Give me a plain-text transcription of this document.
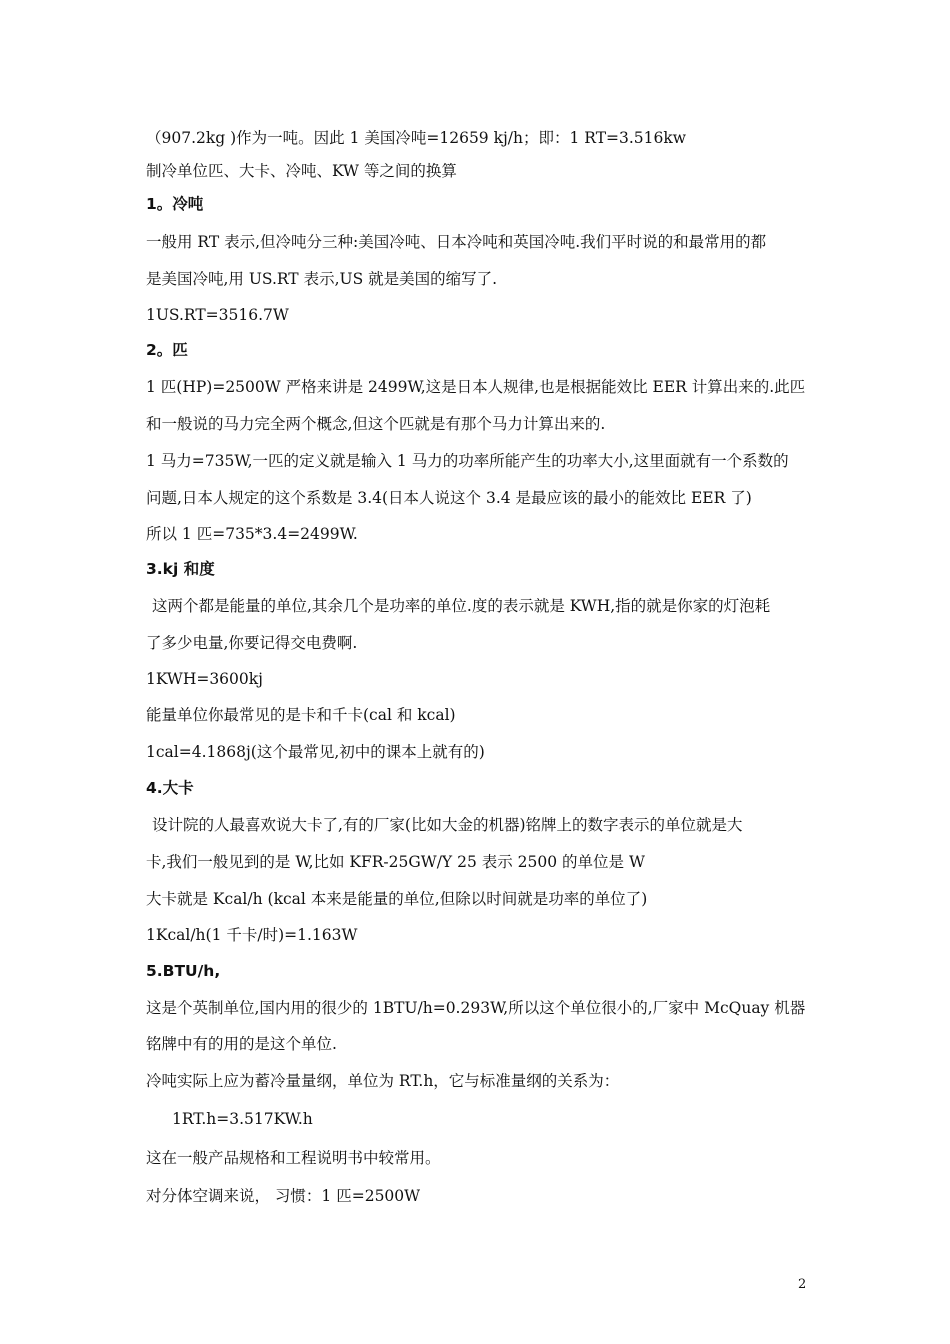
（907.2kg )作为一吨。因此 1 美国冷吨=12659 kj/h；即：1 RT=3.516kw
制冷单位匹、大卡、冷吨、KW 等之间的换算
1。冷吨
一般用 RT 表示,但冷吨分三种:美国冷吨、日本冷吨和英国冷吨.我们平时说的和最常用的都
是美国冷吨,用 US.RT 表示,US 就是美国的缩写了.
1US.RT=3516.7W
2。匹
1 匹(HP)=2500W 严格来讲是 2499W,这是日本人规律,也是根据能效比 EER 计算出来的.此匹
和一般说的马力完全两个概念,但这个匹就是有那个马力计算出来的.
1 马力=735W,一匹的定义就是输入 1 马力的功率所能产生的功率大小,这里面就有一个系数的
问题,日本人规定的这个系数是 3.4(日本人说这个 3.4 是最应该的最小的能效比 EER 了)
所以 1 匹=735*3.4=2499W.
3.kj 和度
这两个都是能量的单位,其余几个是功率的单位.度的表示就是 KWH,指的就是你家的灯泡耗
了多少电量,你要记得交电费啊.
1KWH=3600kj
能量单位你最常见的是卡和千卡(cal 和 kcal)
1cal=4.1868j(这个最常见,初中的课本上就有的)
4.大卡
设计院的人最喜欢说大卡了,有的厂家(比如大金的机器)铭牌上的数字表示的单位就是大
卡,我们一般见到的是 W,比如 KFR-25GW/Y 25 表示 2500 的单位是 W
大卡就是 Kcal/h (kcal 本来是能量的单位,但除以时间就是功率的单位了)
1Kcal/h(1 千卡/时)=1.163W
5.BTU/h,
这是个英制单位,国内用的很少的 1BTU/h=0.293W,所以这个单位很小的,厂家中 McQuay 机器
铭牌中有的用的是这个单位.
冷吨实际上应为蓄冷量量纲，单位为 RT.h，它与标准量纲的关系为：
1RT.h=3.517KW.h
这在一般产品规格和工程说明书中较常用。
对分体空调来说， 习惯：1 匹=2500W
2
